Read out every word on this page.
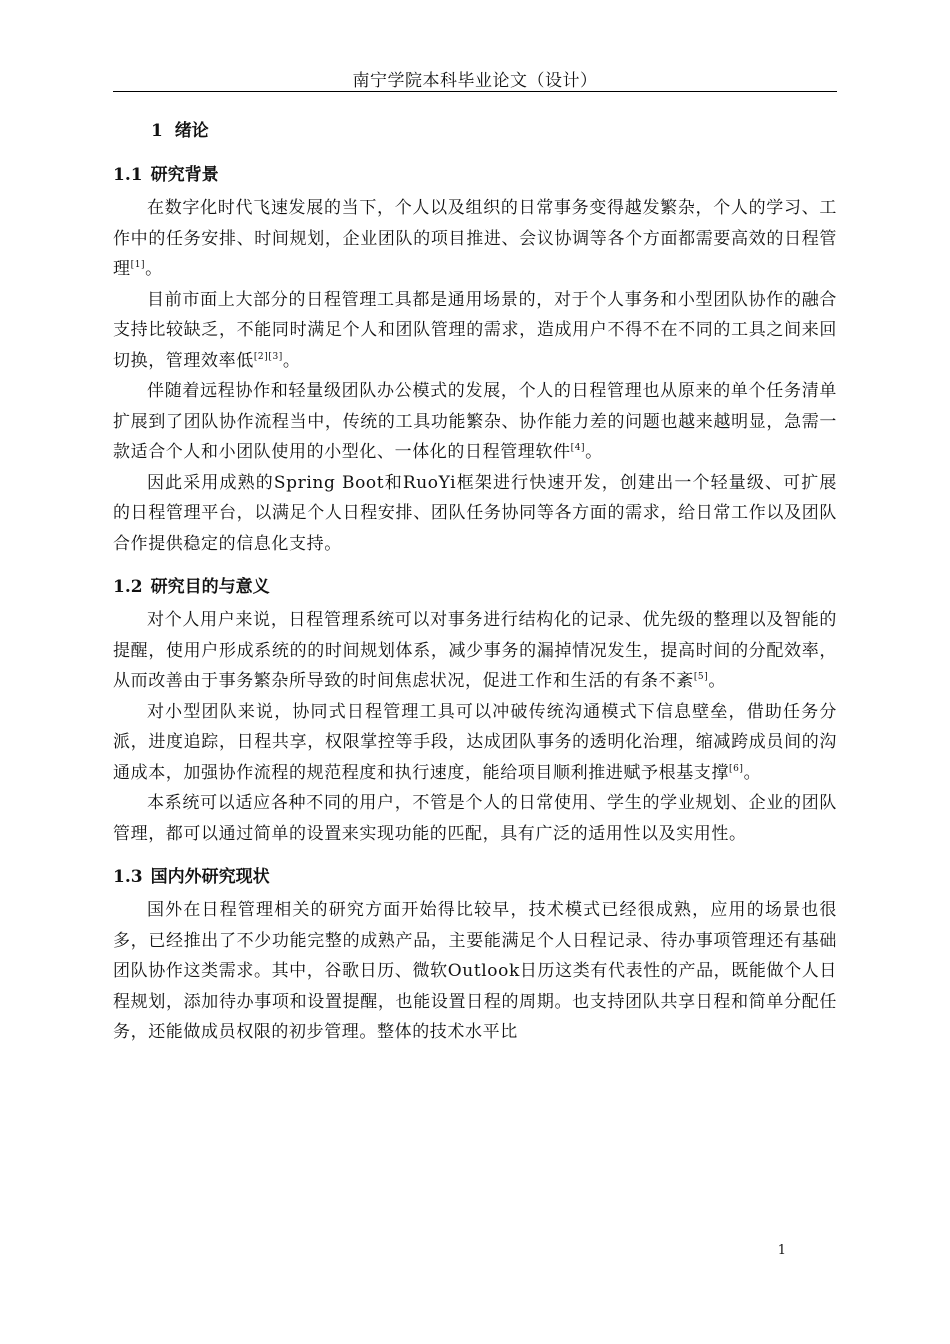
南宁学院本科毕业论文（设计）
1 绪论
1.1 研究背景

在数字化时代飞速发展的当下，个人以及组织的日常事务变得越发繁杂，个人的学习、工作中的任务安排、时间规划，企业团队的项目推进、会议协调等各个方面都需要高效的日程管理[1]。

目前市面上大部分的日程管理工具都是通用场景的，对于个人事务和小型团队协作的融合支持比较缺乏，不能同时满足个人和团队管理的需求，造成用户不得不在不同的工具之间来回切换，管理效率低[2][3]。

伴随着远程协作和轻量级团队办公模式的发展，个人的日程管理也从原来的单个任务清单扩展到了团队协作流程当中，传统的工具功能繁杂、协作能力差的问题也越来越明显，急需一款适合个人和小团队使用的小型化、一体化的日程管理软件[4]。

因此采用成熟的Spring Boot和RuoYi框架进行快速开发，创建出一个轻量级、可扩展的日程管理平台，以满足个人日程安排、团队任务协同等各方面的需求，给日常工作以及团队合作提供稳定的信息化支持。

1.2 研究目的与意义

对个人用户来说，日程管理系统可以对事务进行结构化的记录、优先级的整理以及智能的提醒，使用户形成系统的的时间规划体系，减少事务的漏掉情况发生，提高时间的分配效率，从而改善由于事务繁杂所导致的时间焦虑状况，促进工作和生活的有条不紊[5]。

对小型团队来说，协同式日程管理工具可以冲破传统沟通模式下信息壁垒，借助任务分派，进度追踪，日程共享，权限掌控等手段，达成团队事务的透明化治理，缩减跨成员间的沟通成本，加强协作流程的规范程度和执行速度，能给项目顺利推进赋予根基支撑[6]。

本系统可以适应各种不同的用户，不管是个人的日常使用、学生的学业规划、企业的团队管理，都可以通过简单的设置来实现功能的匹配，具有广泛的适用性以及实用性。

1.3 国内外研究现状

国外在日程管理相关的研究方面开始得比较早，技术模式已经很成熟，应用的场景也很多，已经推出了不少功能完整的成熟产品，主要能满足个人日程记录、待办事项管理还有基础团队协作这类需求。其中，谷歌日历、微软Outlook日历这类有代表性的产品，既能做个人日程规划，添加待办事项和设置提醒，也能设置日程的周期。也支持团队共享日程和简单分配任务，还能做成员权限的初步管理。整体的技术水平比

1
